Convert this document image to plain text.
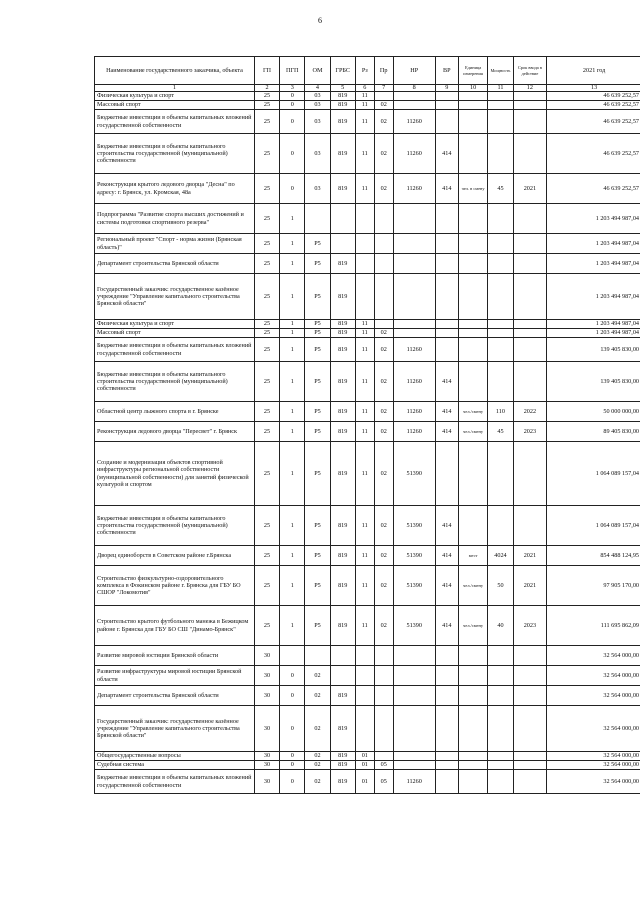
6
Наименование государственного заказчика, объекта	ГП	ПГП	ОМ	ГРБС	Рз	Пр	НР	ВР	Единица измерения	Мощность	Срок ввода в действие	2021 год
1	2	3	4	5	6	7	8	9	10	11	12	13
Физическая культура и спорт	25	0	03	819	11							46 639 252,57
Массовый спорт	25	0	03	819	11	02						46 639 252,57
Бюджетные инвестиции в объекты капитальных вложений государственной собственности	25	0	03	819	11	02	11260					46 639 252,57
Бюджетные инвестиции в объекты капитального строительства государственной (муниципальной) собственности	25	0	03	819	11	02	11260	414				46 639 252,57
Реконструкция крытого ледового дворца "Десна" по адресу: г. Брянск, ул. Кромская, 48а	25	0	03	819	11	02	11260	414	чел. в смену	45	2021	46 639 252,57
Подпрограмма "Развитие спорта высших достижений и системы подготовки спортивного резерва"	25	1										1 203 494 987,04
Региональный проект "Спорт - норма жизни (Брянская область)"	25	1	P5									1 203 494 987,04
Департамент строительства Брянской области	25	1	P5	819								1 203 494 987,04
Государственный заказчик: государственное казённое учреждение "Управление капитального строительства Брянской области"	25	1	P5	819								1 203 494 987,04
Физическая культура и спорт	25	1	P5	819	11							1 203 494 987,04
Массовый спорт	25	1	P5	819	11	02						1 203 494 987,04
Бюджетные инвестиции в объекты капитальных вложений государственной собственности	25	1	P5	819	11	02	11260					139 405 830,00
Бюджетные инвестиции в объекты капитального строительства государственной (муниципальной) собственности	25	1	P5	819	11	02	11260	414				139 405 830,00
Областной центр лыжного спорта в г. Брянске	25	1	P5	819	11	02	11260	414	чел./смену	110	2022	50 000 000,00
Реконструкция ледового дворца "Пересвет" г. Брянск	25	1	P5	819	11	02	11260	414	чел./смену	45	2023	89 405 830,00
Создание и модернизация объектов спортивной инфраструктуры региональной собственности (муниципальной собственности) для занятий физической культурой и спортом	25	1	P5	819	11	02	51390					1 064 089 157,04
Бюджетные инвестиции в объекты капитального строительства государственной (муниципальной) собственности	25	1	P5	819	11	02	51390	414				1 064 089 157,04
Дворец единоборств в Советском районе г.Брянска	25	1	P5	819	11	02	51390	414	мест	4024	2021	854 488 124,95
Строительство физкультурно-оздоровительного комплекса в Фокинском районе г. Брянска для ГБУ БО СШОР "Локомотив"	25	1	P5	819	11	02	51390	414	чел./смену	50	2021	97 905 170,00
Строительство крытого футбольного манежа в Бежицком районе г. Брянска для ГБУ БО СШ "Динамо-Брянск"	25	1	P5	819	11	02	51390	414	чел./смену	40	2023	111 695 862,09
Развитие мировой юстиции Брянской области	30											32 564 000,00
Развитие инфраструктуры мировой юстиции Брянской области	30	0	02									32 564 000,00
Департамент строительства Брянской области	30	0	02	819								32 564 000,00
Государственный заказчик: государственное казённое учреждение "Управление капитального строительства Брянской области"	30	0	02	819								32 564 000,00
Общегосударственные вопросы	30	0	02	819	01							32 564 000,00
Судебная система	30	0	02	819	01	05						32 564 000,00
Бюджетные инвестиции в объекты капитальных вложений государственной собственности	30	0	02	819	01	05	11260					32 564 000,00
